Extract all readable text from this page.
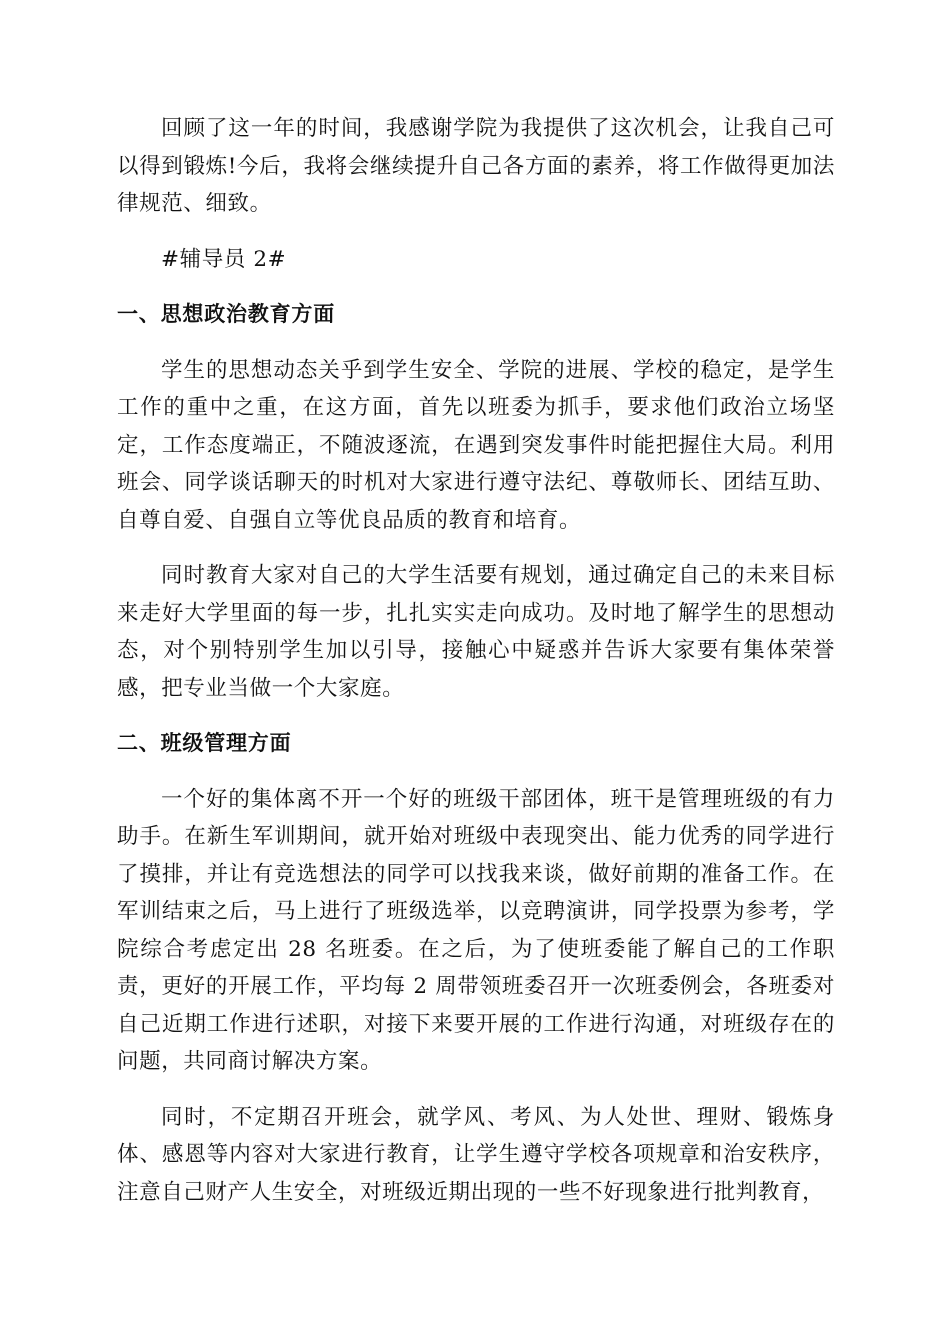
回顾了这一年的时间，我感谢学院为我提供了这次机会，让我自己可以得到锻炼!今后，我将会继续提升自己各方面的素养，将工作做得更加法律规范、细致。

#辅导员 2#

一、思想政治教育方面

学生的思想动态关乎到学生安全、学院的进展、学校的稳定，是学生工作的重中之重，在这方面，首先以班委为抓手，要求他们政治立场坚定，工作态度端正，不随波逐流，在遇到突发事件时能把握住大局。利用班会、同学谈话聊天的时机对大家进行遵守法纪、尊敬师长、团结互助、自尊自爱、自强自立等优良品质的教育和培育。

同时教育大家对自己的大学生活要有规划，通过确定自己的未来目标来走好大学里面的每一步，扎扎实实走向成功。及时地了解学生的思想动态，对个别特别学生加以引导，接触心中疑惑并告诉大家要有集体荣誉感，把专业当做一个大家庭。

二、班级管理方面

一个好的集体离不开一个好的班级干部团体，班干是管理班级的有力助手。在新生军训期间，就开始对班级中表现突出、能力优秀的同学进行了摸排，并让有竞选想法的同学可以找我来谈，做好前期的准备工作。在军训结束之后，马上进行了班级选举，以竞聘演讲，同学投票为参考，学院综合考虑定出 28 名班委。在之后，为了使班委能了解自己的工作职责，更好的开展工作，平均每 2 周带领班委召开一次班委例会，各班委对自己近期工作进行述职，对接下来要开展的工作进行沟通，对班级存在的问题，共同商讨解决方案。

同时，不定期召开班会，就学风、考风、为人处世、理财、锻炼身体、感恩等内容对大家进行教育，让学生遵守学校各项规章和治安秩序，注意自己财产人生安全，对班级近期出现的一些不好现象进行批判教育，
